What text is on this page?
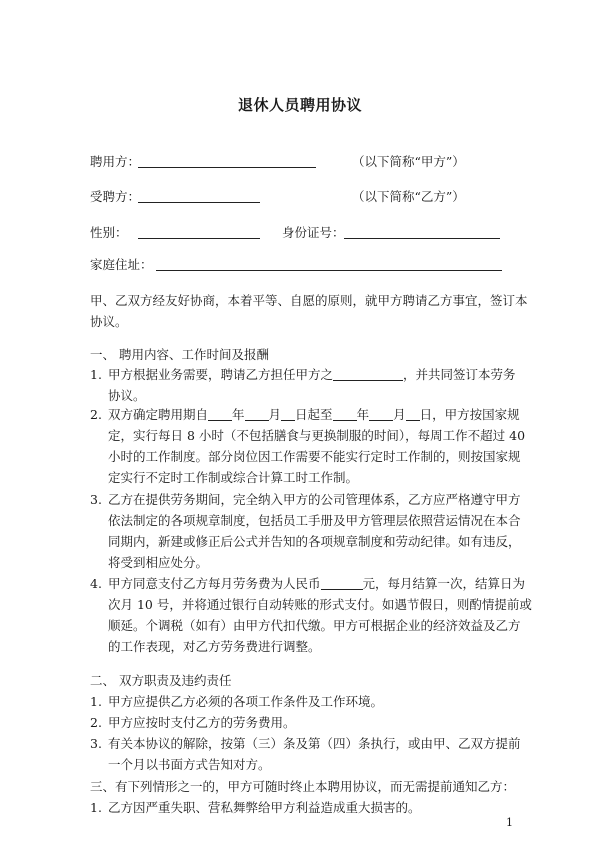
退休人员聘用协议
聘用方：	（以下简称“甲方”）
受聘方：	（以下简称“乙方”）
性别：	身份证号：
家庭住址：
甲、乙双方经友好协商，本着平等、自愿的原则，就甲方聘请乙方事宜，签订本
协议。
一、 聘用内容、工作时间及报酬
1. 甲方根据业务需要，聘请乙方担任甲方之	，并共同签订本劳务
协议。
2. 双方确定聘用期自 年 月 日起至 年 月 日，甲方按国家规
定，实行每日 8 小时（不包括膳食与更换制服的时间），每周工作不超过 40
小时的工作制度。部分岗位因工作需要不能实行定时工作制的，则按国家规
定实行不定时工作制或综合计算工时工作制。
3. 乙方在提供劳务期间，完全纳入甲方的公司管理体系，乙方应严格遵守甲方
依法制定的各项规章制度，包括员工手册及甲方管理层依照营运情况在本合
同期内，新建或修正后公式并告知的各项规章制度和劳动纪律。如有违反，
将受到相应处分。
4. 甲方同意支付乙方每月劳务费为人民币	元，每月结算一次，结算日为
次月 10 号，并将通过银行自动转账的形式支付。如遇节假日，则酌情提前或
顺延。个调税（如有）由甲方代扣代缴。甲方可根据企业的经济效益及乙方
的工作表现，对乙方劳务费进行调整。
二、 双方职责及违约责任
1. 甲方应提供乙方必须的各项工作条件及工作环境。
2. 甲方应按时支付乙方的劳务费用。
3. 有关本协议的解除，按第（三）条及第（四）条执行，或由甲、乙双方提前
一个月以书面方式告知对方。
三、有下列情形之一的，甲方可随时终止本聘用协议，而无需提前通知乙方：
1. 乙方因严重失职、营私舞弊给甲方利益造成重大损害的。
1
